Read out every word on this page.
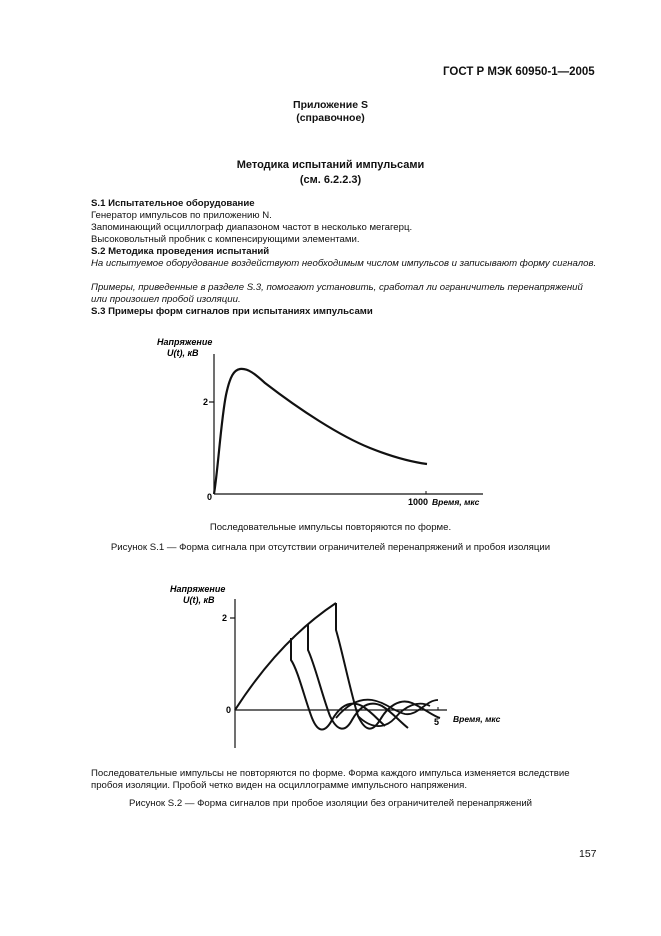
ГОСТ Р МЭК 60950-1—2005
Приложение S
(справочное)
Методика испытаний импульсами
(см. 6.2.2.3)
S.1 Испытательное оборудование
Генератор импульсов по приложению N.
Запоминающий осциллограф диапазоном частот в несколько мегагерц.
Высоковольтный пробник с компенсирующими элементами.
S.2 Методика проведения испытаний
На испытуемое оборудование воздействуют необходимым числом импульсов и записывают форму сигналов.
Примеры, приведенные в разделе S.3, помогают установить, сработал ли ограничитель перенапряжений или произошел пробой изоляции.
S.3 Примеры форм сигналов при испытаниях импульсами
Напряжение
U(t), кВ
2
0	1000 Время, мкс
Последовательные импульсы повторяются по форме.
Рисунок S.1 — Форма сигнала при отсутствии ограничителей перенапряжений и пробоя изоляции
Напряжение
U(t), кВ
2
0
5 Время, мкс
Последовательные импульсы не повторяются по форме. Форма каждого импульса изменяется вследствие
пробоя изоляции. Пробой четко виден на осциллограмме импульсного напряжения.
Рисунок S.2 — Форма сигналов при пробое изоляции без ограничителей перенапряжений
157
